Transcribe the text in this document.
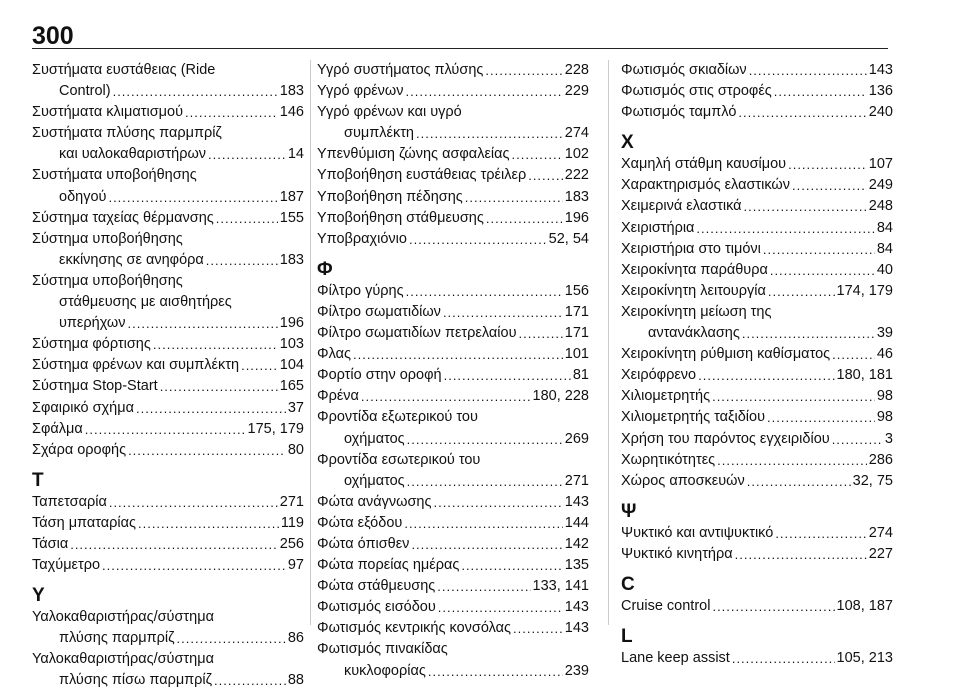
300
Συστήματα ευστάθειας (Ride
Control) .....	183
Συστήματα κλιματισμού .....	146
Συστήματα πλύσης παρμπρίζ
και υαλοκαθαριστήρων .....	14
Συστήματα υποβοήθησης
οδηγού .....	187
Σύστημα ταχείας θέρμανσης .....	155
Σύστημα υποβοήθησης
εκκίνησης σε ανηφόρα .....	183
Σύστημα υποβοήθησης
στάθμευσης με αισθητήρες
υπερήχων .....	196
Σύστημα φόρτισης .....	103
Σύστημα φρένων και συμπλέκτη .....	104
Σύστημα Stop-Start .....	165
Σφαιρικό σχήμα .....	37
Σφάλμα .....	175, 179
Σχάρα οροφής .....	80
Τ
Ταπετσαρία .....	271
Τάση μπαταρίας .....	119
Τάσια .....	256
Ταχύμετρο .....	97
Υ
Υαλοκαθαριστήρας/σύστημα
πλύσης παρμπρίζ .....	86
Υαλοκαθαριστήρας/σύστημα
πλύσης πίσω παρμπρίζ .....	88
Υγρό συστήματος πλύσης .....	228
Υγρό φρένων .....	229
Υγρό φρένων και υγρό
συμπλέκτη .....	274
Υπενθύμιση ζώνης ασφαλείας .....	102
Υποβοήθηση ευστάθειας τρέιλερ .....	222
Υποβοήθηση πέδησης .....	183
Υποβοήθηση στάθμευσης .....	196
Υποβραχιόνιο .....	52, 54
Φ
Φίλτρο γύρης .....	156
Φίλτρο σωματιδίων .....	171
Φίλτρο σωματιδίων πετρελαίου .....	171
Φλας .....	101
Φορτίο στην οροφή .....	81
Φρένα .....	180, 228
Φροντίδα εξωτερικού του
οχήματος .....	269
Φροντίδα εσωτερικού του
οχήματος .....	271
Φώτα ανάγνωσης .....	143
Φώτα εξόδου .....	144
Φώτα όπισθεν .....	142
Φώτα πορείας ημέρας .....	135
Φώτα στάθμευσης .....	133, 141
Φωτισμός εισόδου .....	143
Φωτισμός κεντρικής κονσόλας .....	143
Φωτισμός πινακίδας
κυκλοφορίας .....	239
Φωτισμός σκιαδίων .....	143
Φωτισμός στις στροφές .....	136
Φωτισμός ταμπλό .....	240
Χ
Χαμηλή στάθμη καυσίμου .....	107
Χαρακτηρισμός ελαστικών .....	249
Χειμερινά ελαστικά .....	248
Χειριστήρια .....	84
Χειριστήρια στο τιμόνι .....	84
Χειροκίνητα παράθυρα .....	40
Χειροκίνητη λειτουργία .....	174, 179
Χειροκίνητη μείωση της
αντανάκλασης .....	39
Χειροκίνητη ρύθμιση καθίσματος .....	46
Χειρόφρενο .....	180, 181
Χιλιομετρητής .....	98
Χιλιομετρητής ταξιδίου .....	98
Χρήση του παρόντος εγχειριδίου .....	3
Χωρητικότητες .....	286
Χώρος αποσκευών .....	32, 75
Ψ
Ψυκτικό και αντιψυκτικό .....	274
Ψυκτικό κινητήρα .....	227
C
Cruise control .....	108, 187
L
Lane keep assist .....	105, 213
